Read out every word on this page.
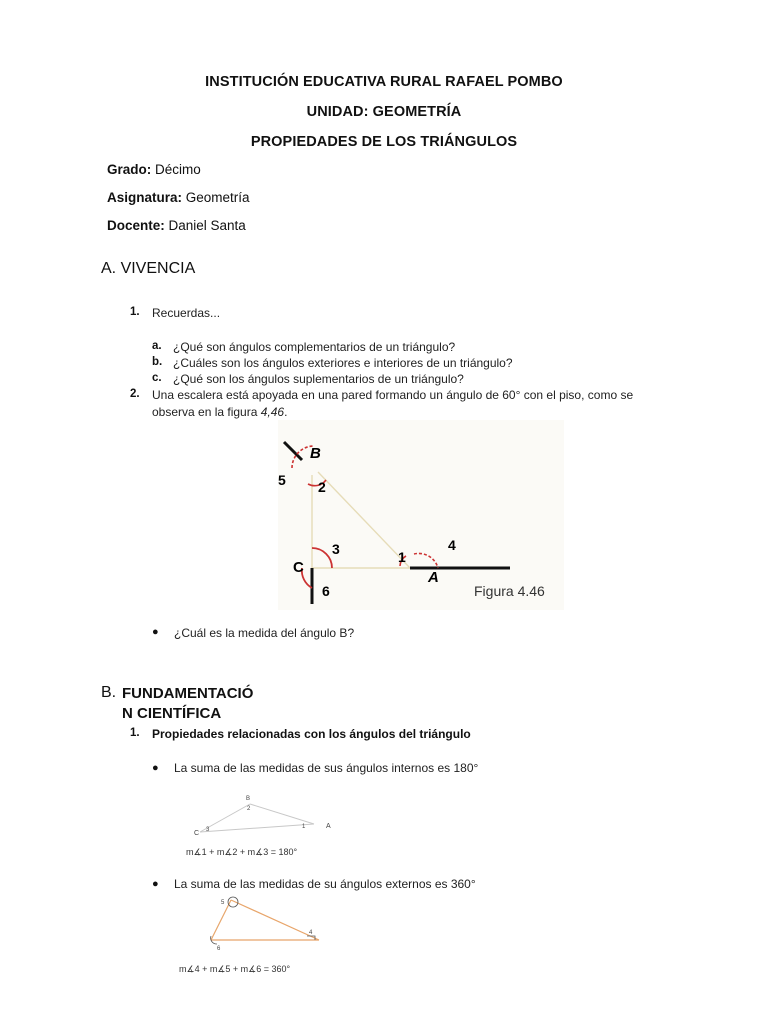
INSTITUCIÓN EDUCATIVA RURAL RAFAEL POMBO
UNIDAD: GEOMETRÍA
PROPIEDADES DE LOS TRIÁNGULOS
Grado: Décimo
Asignatura: Geometría
Docente: Daniel Santa
A. VIVENCIA
1. Recuerdas...
a. ¿Qué son ángulos complementarios de un triángulo?
b. ¿Cuáles son los ángulos exteriores e interiores de un triángulo?
c. ¿Qué son los ángulos suplementarios de un triángulo?
2. Una escalera está apoyada en una pared formando un ángulo de 60° con el piso, como se
observa en la figura 4,46.
B
5 2
3
C
6
1
4
A
Figura 4.46
● ¿Cuál es la medida del ángulo B?
B. FUNDAMENTACIÓ
N CIENTÍFICA
1. Propiedades relacionadas con los ángulos del triángulo
● La suma de las medidas de sus ángulos internos es 180°
B
2
C 3	1	A
m∡1 + m∡2 + m∡3 = 180°
● La suma de las medidas de su ángulos externos es 360°
5
6
4
m∡4 + m∡5 + m∡6 = 360°
